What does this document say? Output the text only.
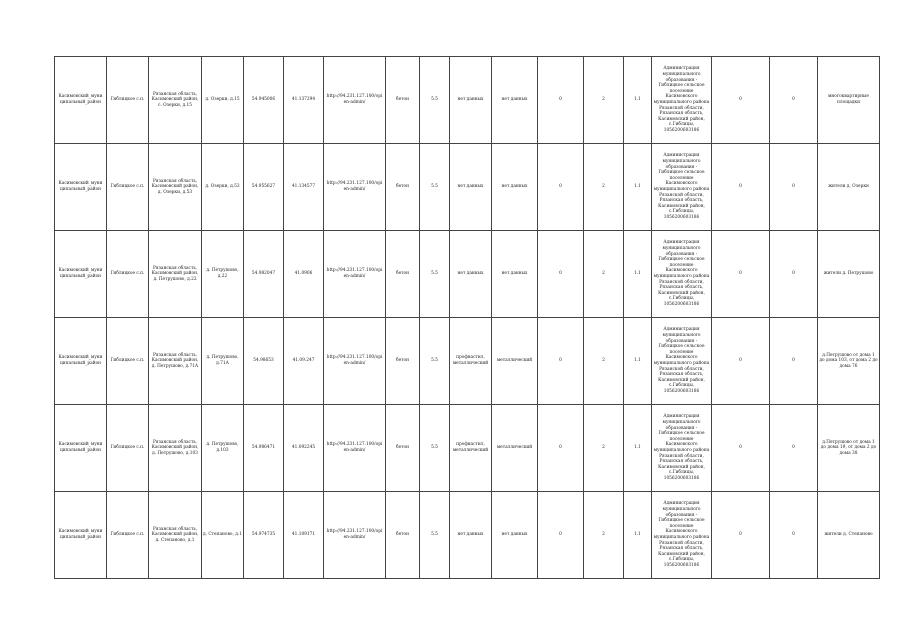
Касимовский_муни ципальный_район	Гиблицкое с.п.	Рязанская область, Касимовский район, с. Озерки, д.15	д. Озерки, д.15	54.945006	41.137294	http://94.231.127.100/opi en-admin/	бетон	5.5	нет данных	нет данных	0	2	1.1	Администрация муниципального образования - Гиблицкое сельское поселение Касимовского муниципального района Рязанской области, Рязанская область, Касимовский район, с.Гиблицы, 1056200603186	0	0	многоквартирные площадки
Касимовский_муни ципальный_район	Гиблицкое с.п.	Рязанская область, Касимовский район, д. Озерки, д.53	д. Озерки, д.53	54.955627	41.134577	http://94.231.127.100/opi en-admin/	бетон	5.5	нет данных	нет данных	0	2	1.1	Администрация муниципального образования - Гиблицкое сельское поселение Касимовского муниципального района Рязанской области, Рязанская область, Касимовский район, с.Гиблицы, 1056200603186	0	0	жители д. Озерки
Касимовский_муни ципальный_район	Гиблицкое с.п.	Рязанская область, Касимовский район, д. Петрушово, д.22	д. Петрушово, д.22	54.982047	41.0906	http://94.231.127.100/opi en-admin/	бетон	5.5	нет данных	нет данных	0	2	1.1	Администрация муниципального образования - Гиблицкое сельское поселение Касимовского муниципального района Рязанской области, Рязанская область, Касимовский район, с.Гиблицы, 1056200603186	0	0	жители д. Петрушово
Касимовский_муни ципальный_район	Гиблицкое с.п.	Рязанская область, Касимовский район, д. Петрушово, д.71А	д. Петрушово, д.71А	54.98653	41.09.247	http://94.231.127.100/opi en-admin/	бетон	5.5	профнастил, металлический	металлический	0	2	1.1	Администрация муниципального образования - Гиблицкое сельское поселение Касимовского муниципального района Рязанской области, Рязанская область, Касимовский район, с.Гиблицы, 1056200603186	0	0	д.Петрушово от дома 1 до дома 103, от дома 2 до дома 76
Касимовский_муни ципальный_район	Гиблицкое с.п.	Рязанская область, Касимовский район, д. Петрушово, д.103	д. Петрушово, д.103	54.986471	41.092245	http://94.231.127.100/opi en-admin/	бетон	5.5	профнастил, металлический	металлический	0	2	1.1	Администрация муниципального образования - Гиблицкое сельское поселение Касимовского муниципального района Рязанской области, Рязанская область, Касимовский район, с.Гиблицы, 1056200603186	0	0	д.Петрушово от дома 1 до дома 19, от дома 2 до дома 38
Касимовский_муни ципальный_район	Гиблицкое с.п.	Рязанская область, Касимовский район, д. Степаново, д.1	д. Степаново, д.1	54.974735	41.109171	http://94.231.127.100/opi en-admin/	бетон	5.5	нет данных	нет данных	0	2	1.1	Администрация муниципального образования - Гиблицкое сельское поселение Касимовского муниципального района Рязанской области, Рязанская область, Касимовский район, с.Гиблицы, 1056200603186	0	0	жители д. Степаново
